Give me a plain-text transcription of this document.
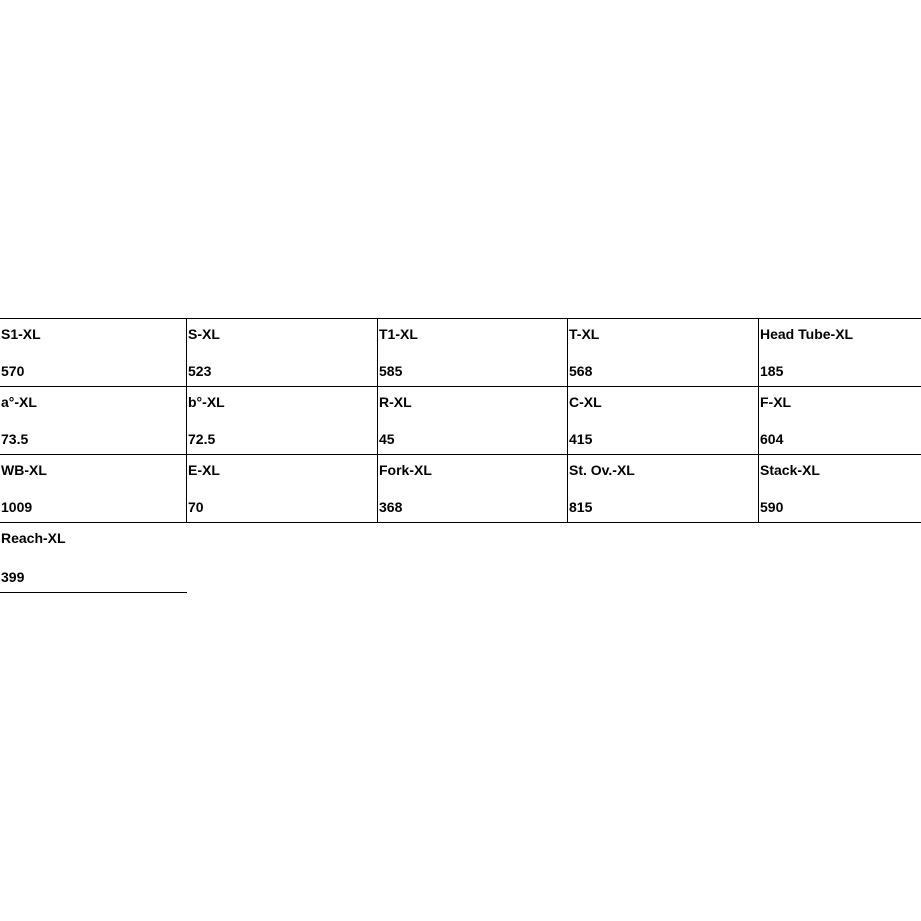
S1-XL
570
S-XL
523
T1-XL
585
T-XL
568
Head Tube-XL
185
a°-XL
73.5
b°-XL
72.5
R-XL
45
C-XL
415
F-XL
604
WB-XL
1009
E-XL
70
Fork-XL
368
St. Ov.-XL
815
Stack-XL
590
Reach-XL
399
